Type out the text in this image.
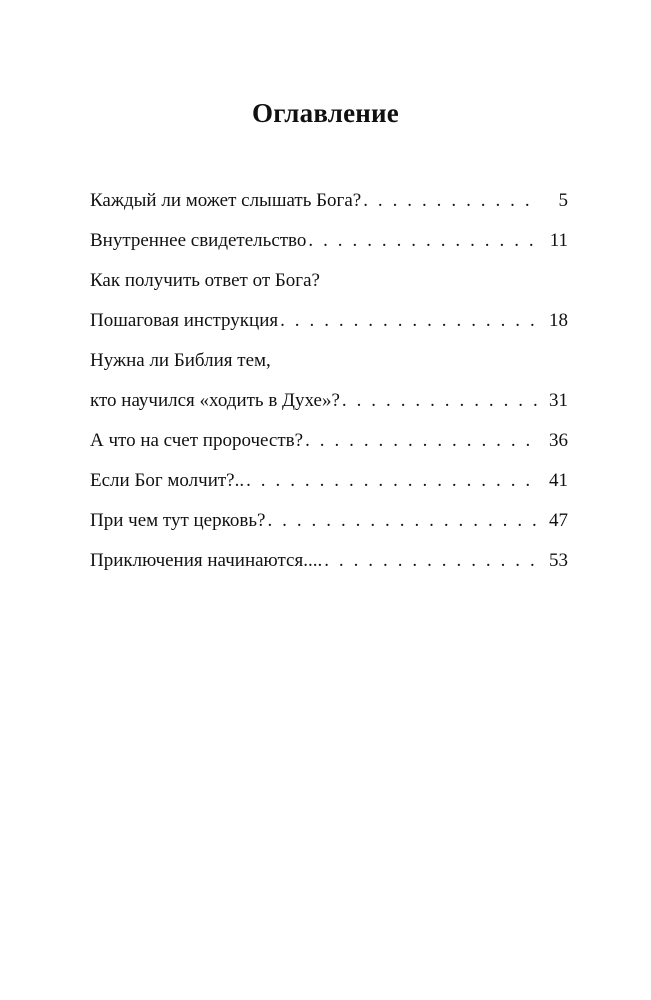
Оглавление
Каждый ли может слышать Бога? . . .	5
Внутреннее свидетельство . . .	11
Как получить ответ от Бога?
Пошаговая инструкция . . .	18
Нужна ли Библия тем,
кто научился «ходить в Духе»? . . .	31
А что на счет пророчеств? . . .	36
Если Бог молчит?.. . . .	41
При чем тут церковь? . . .	47
Приключения начинаются.... . . .	53
